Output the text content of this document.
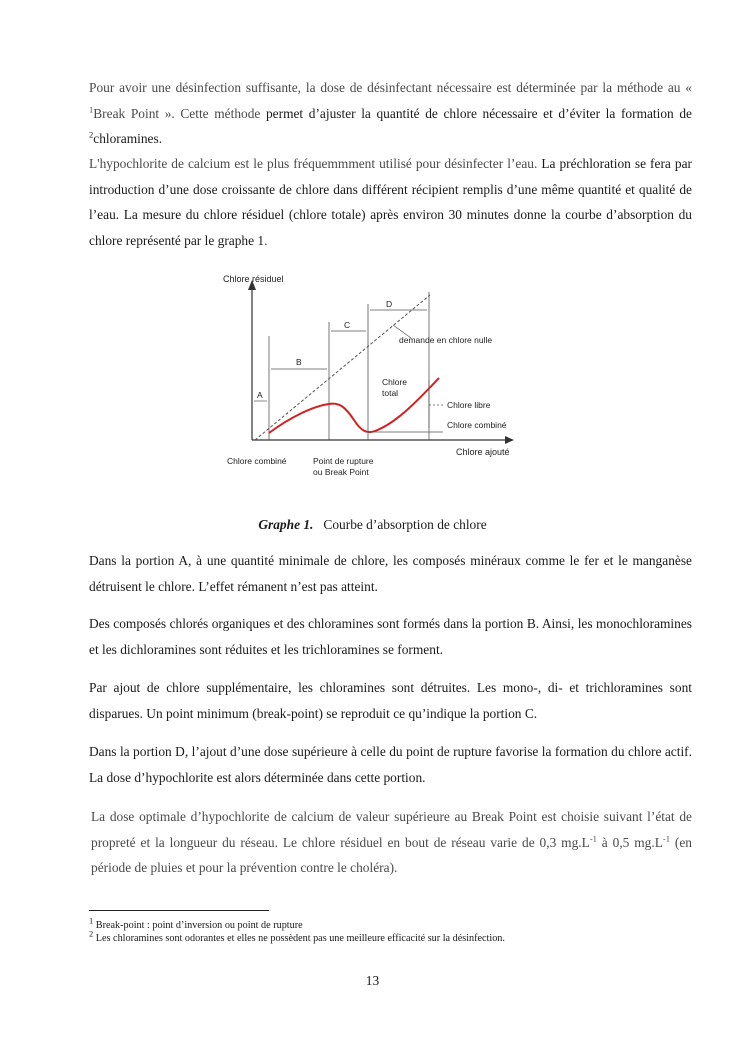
Pour avoir une désinfection suffisante, la dose de désinfectant nécessaire est déterminée par la méthode au « $^1$Break Point ». Cette méthode permet d’ajuster la quantité de chlore nécessaire et d’éviter la formation de $^2$chloramines.

L'hypochlorite de calcium est le plus fréquemmment utilisé pour désinfecter l’eau. La préchloration se fera par introduction d’une dose croissante de chlore dans différent récipient remplis d’une même quantité et qualité de l’eau. La mesure du chlore résiduel (chlore totale) après environ 30 minutes donne la courbe d’absorption du chlore représenté par le graphe 1.

Chlore résiduel
Chlore ajouté
A
B
C
D
demande en chlore nulle
Chlore
total
Chlore libre
Chlore combiné
Chlore combiné	Point de rupture
ou Break Point
Graphe 1. Courbe d’absorption de chlore

Dans la portion A, à une quantité minimale de chlore, les composés minéraux comme le fer et le manganèse détruisent le chlore. L’effet rémanent n’est pas atteint.

Des composés chlorés organiques et des chloramines sont formés dans la portion B. Ainsi, les monochloramines et les dichloramines sont réduites et les trichloramines se forment.

Par ajout de chlore supplémentaire, les chloramines sont détruites. Les mono-, di- et trichloramines sont disparues. Un point minimum (break-point) se reproduit ce qu’indique la portion C.

Dans la portion D, l’ajout d’une dose supérieure à celle du point de rupture favorise la formation du chlore actif. La dose d’hypochlorite est alors déterminée dans cette portion.

La dose optimale d’hypochlorite de calcium de valeur supérieure au Break Point est choisie suivant l’état de propreté et la longueur du réseau. Le chlore résiduel en bout de réseau varie de 0,3 $mg.L^{-1}$ à 0,5 $mg.L^{-1}$ (en période de pluies et pour la prévention contre le choléra).

$^1$ Break-point : point d’inversion ou point de rupture
$^2$ Les chloramines sont odorantes et elles ne possèdent pas une meilleure efficacité sur la désinfection.
13
